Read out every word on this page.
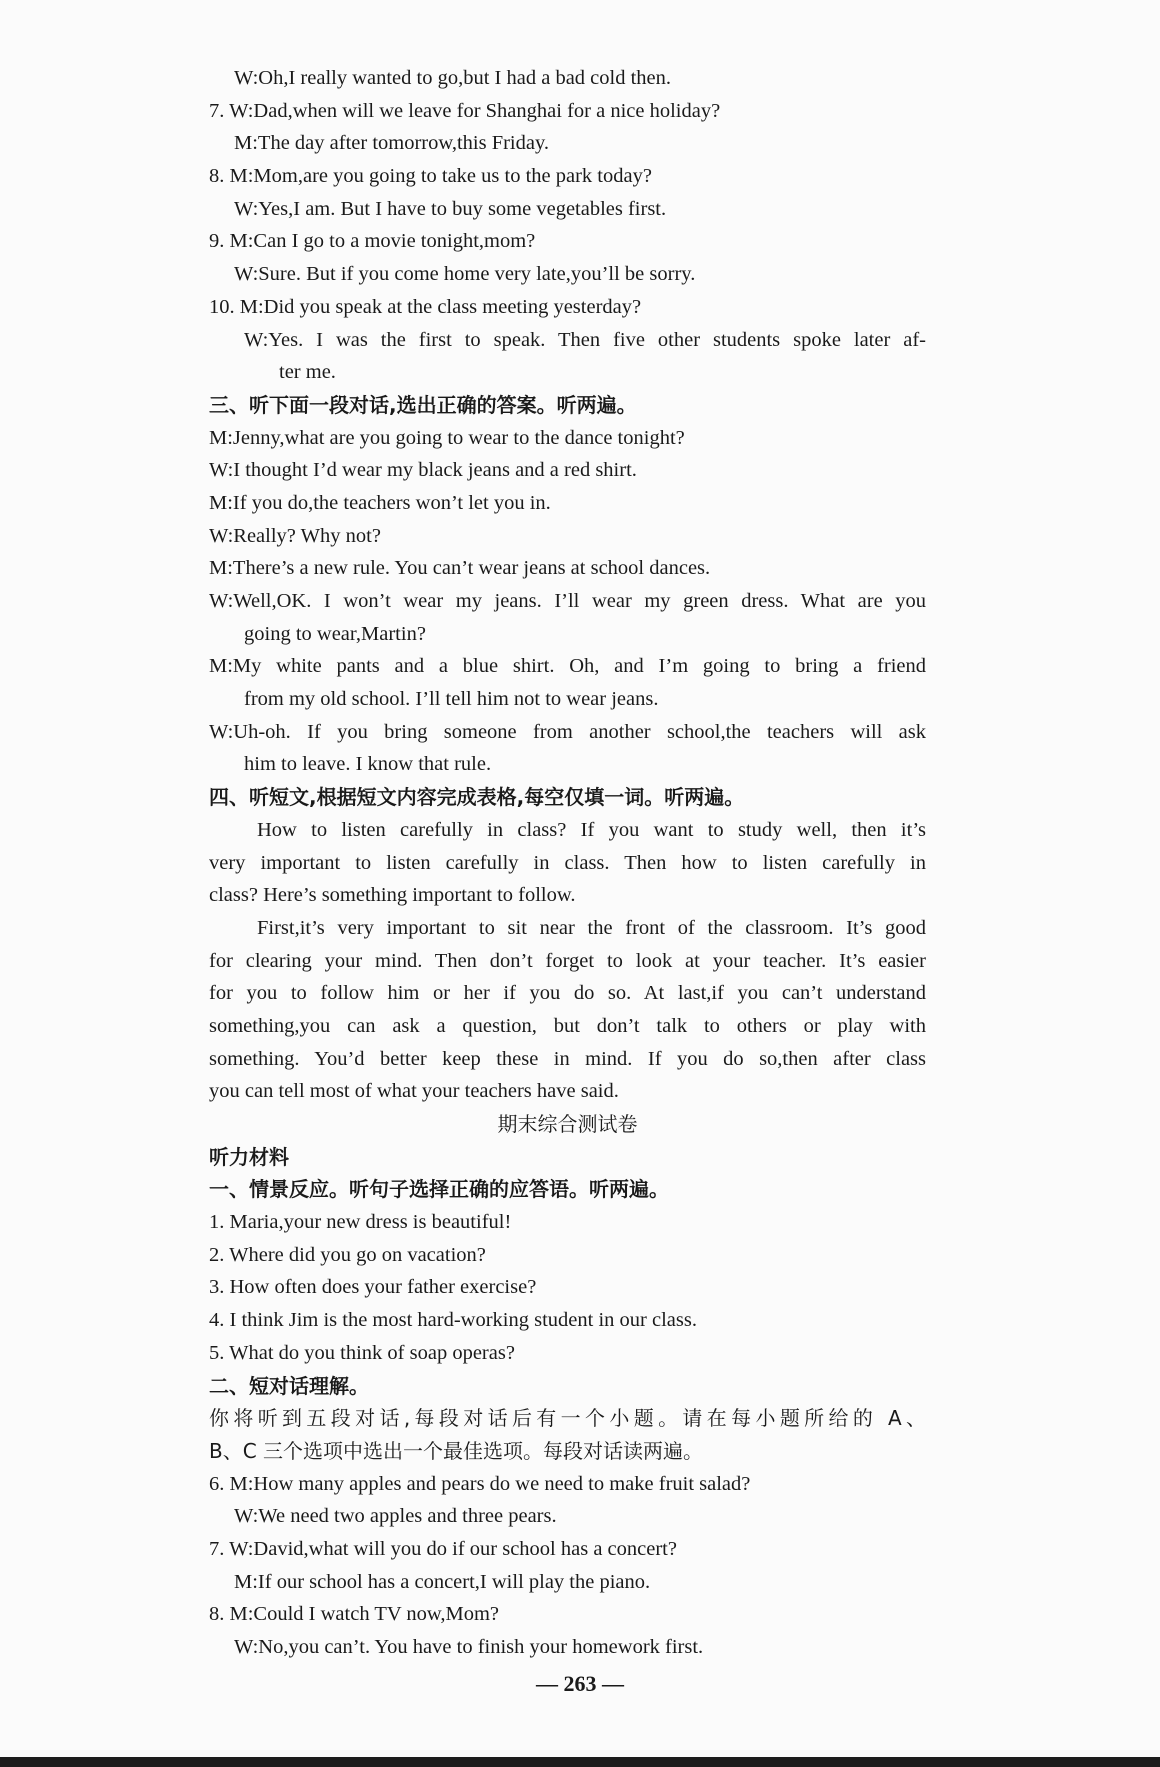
W:Oh,I really wanted to go,but I had a bad cold then.
7. W:Dad,when will we leave for Shanghai for a nice holiday?
M:The day after tomorrow,this Friday.
8. M:Mom,are you going to take us to the park today?
W:Yes,I am. But I have to buy some vegetables first.
9. M:Can I go to a movie tonight,mom?
W:Sure. But if you come home very late,you’ll be sorry.
10. M:Did you speak at the class meeting yesterday?
W:Yes. I was the first to speak. Then five other students spoke later af-
ter me.
三、听下面一段对话,选出正确的答案。听两遍。
M:Jenny,what are you going to wear to the dance tonight?
W:I thought I’d wear my black jeans and a red shirt.
M:If you do,the teachers won’t let you in.
W:Really? Why not?
M:There’s a new rule. You can’t wear jeans at school dances.
W:Well,OK. I won’t wear my jeans. I’ll wear my green dress. What are you
going to wear,Martin?
M:My white pants and a blue shirt. Oh, and I’m going to bring a friend
from my old school. I’ll tell him not to wear jeans.
W:Uh-oh. If you bring someone from another school,the teachers will ask
him to leave. I know that rule.
四、听短文,根据短文内容完成表格,每空仅填一词。听两遍。
How to listen carefully in class? If you want to study well, then it’s
very important to listen carefully in class. Then how to listen carefully in
class? Here’s something important to follow.
First,it’s very important to sit near the front of the classroom. It’s good
for clearing your mind. Then don’t forget to look at your teacher. It’s easier
for you to follow him or her if you do so. At last,if you can’t understand
something,you can ask a question, but don’t talk to others or play with
something. You’d better keep these in mind. If you do so,then after class
you can tell most of what your teachers have said.
期末综合测试卷
听力材料
一、情景反应。听句子选择正确的应答语。听两遍。
1. Maria,your new dress is beautiful!
2. Where did you go on vacation?
3. How often does your father exercise?
4. I think Jim is the most hard-working student in our class.
5. What do you think of soap operas?
二、短对话理解。
你将听到五段对话,每段对话后有一个小题。请在每小题所给的 A、
B、C 三个选项中选出一个最佳选项。每段对话读两遍。
6. M:How many apples and pears do we need to make fruit salad?
W:We need two apples and three pears.
7. W:David,what will you do if our school has a concert?
M:If our school has a concert,I will play the piano.
8. M:Could I watch TV now,Mom?
W:No,you can’t. You have to finish your homework first.
— 263 —
